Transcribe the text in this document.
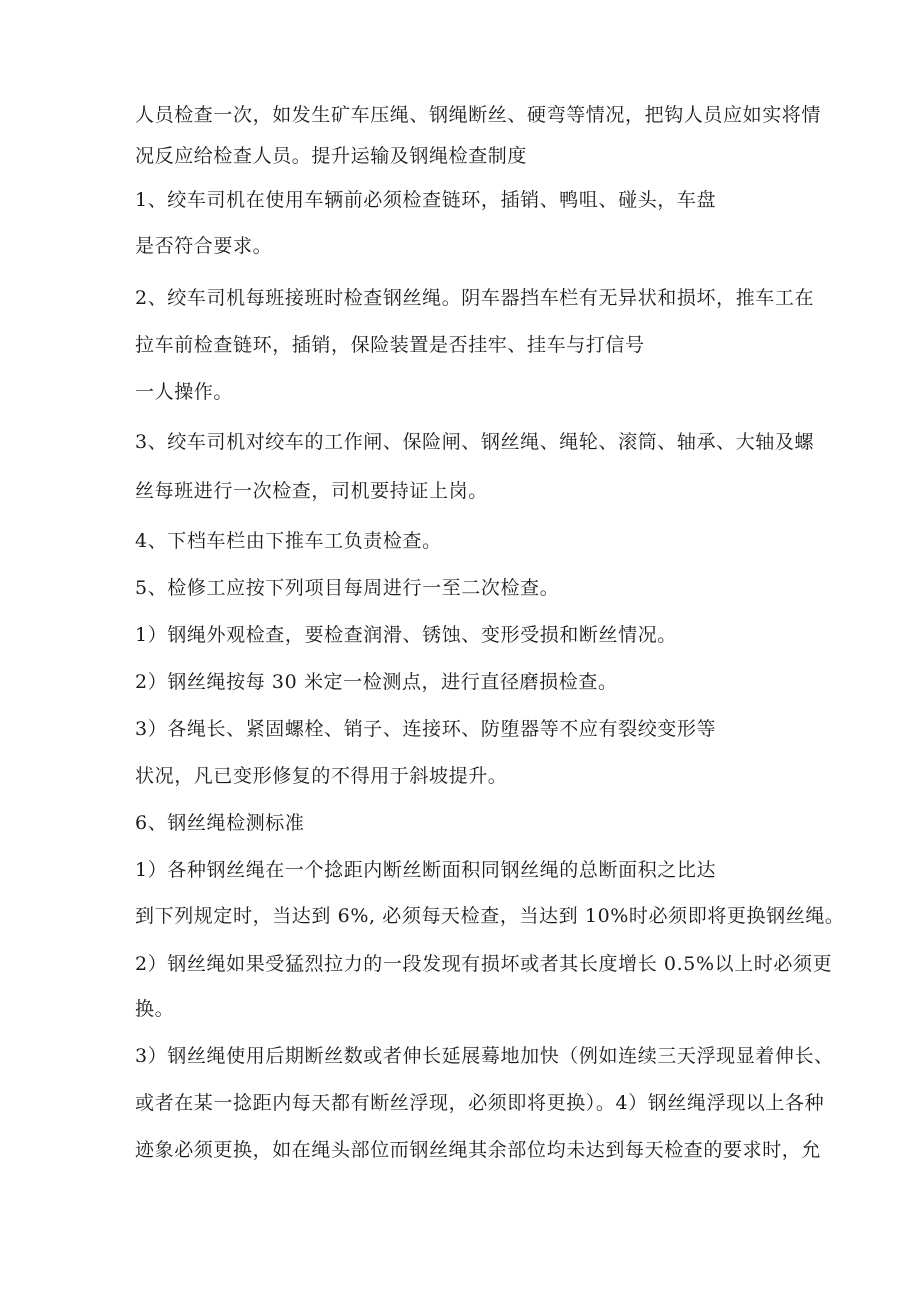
人员检查一次，如发生矿车压绳、钢绳断丝、硬弯等情况，把钩人员应如实将情
况反应给检查人员。提升运输及钢绳检查制度
1、绞车司机在使用车辆前必须检查链环，插销、鸭咀、碰头，车盘
是否符合要求。
2、绞车司机每班接班时检查钢丝绳。阴车器挡车栏有无异状和损坏，推车工在
拉车前检查链环，插销，保险装置是否挂牢、挂车与打信号
一人操作。
3、绞车司机对绞车的工作闸、保险闸、钢丝绳、绳轮、滚筒、轴承、大轴及螺
丝每班进行一次检查，司机要持证上岗。
4、下档车栏由下推车工负责检查。
5、检修工应按下列项目每周进行一至二次检查。
1）钢绳外观检查，要检查润滑、锈蚀、变形受损和断丝情况。
2）钢丝绳按每 30 米定一检测点，进行直径磨损检查。
3）各绳长、紧固螺栓、销子、连接环、防堕器等不应有裂绞变形等
状况，凡已变形修复的不得用于斜坡提升。
6、钢丝绳检测标准
1）各种钢丝绳在一个捻距内断丝断面积同钢丝绳的总断面积之比达
到下列规定时，当达到 6%, 必须每天检查，当达到 10%时必须即将更换钢丝绳。
2）钢丝绳如果受猛烈拉力的一段发现有损坏或者其长度增长 0.5%以上时必须更
换。
3）钢丝绳使用后期断丝数或者伸长延展蓦地加快（例如连续三天浮现显着伸长、
或者在某一捻距内每天都有断丝浮现，必须即将更换）。4）钢丝绳浮现以上各种
迹象必须更换，如在绳头部位而钢丝绳其余部位均未达到每天检查的要求时，允
